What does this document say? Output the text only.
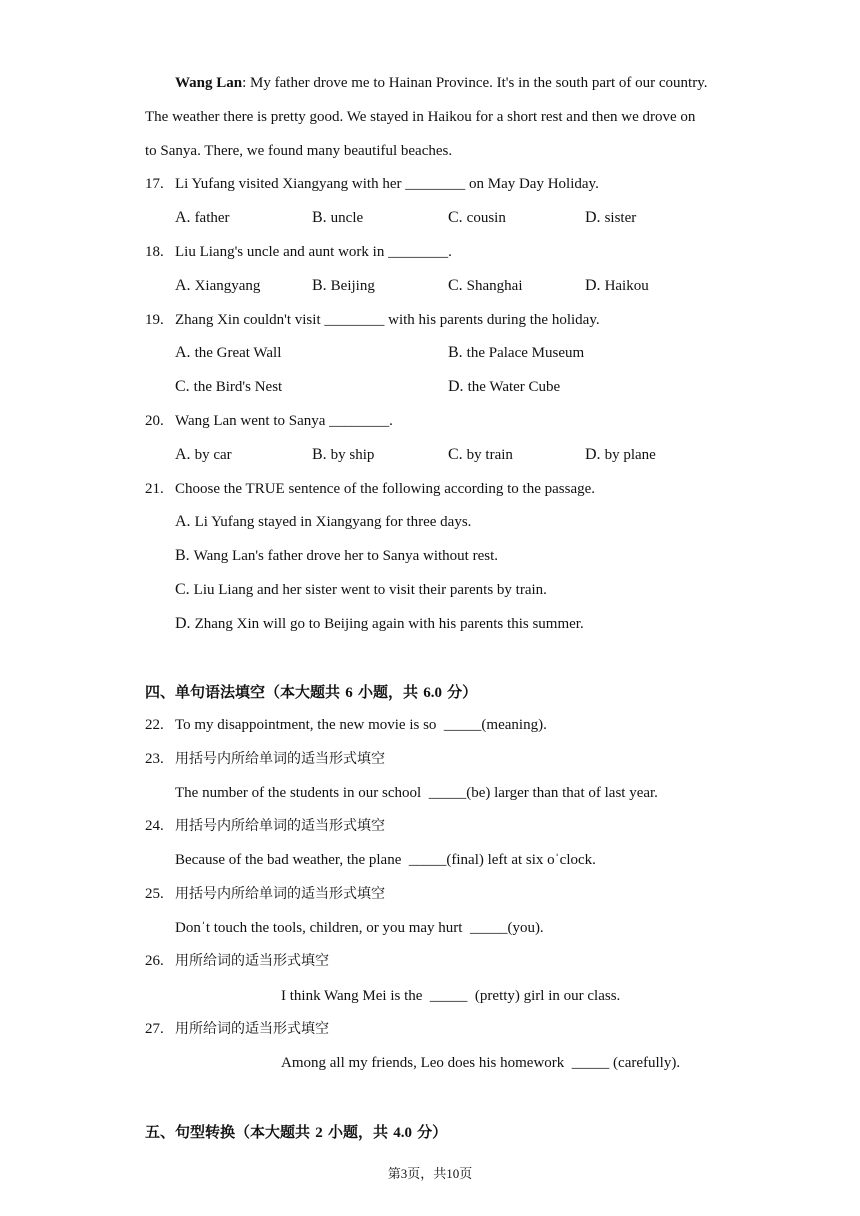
Wang Lan: My father drove me to Hainan Province. It's in the south part of our country.
The weather there is pretty good. We stayed in Haikou for a short rest and then we drove on
to Sanya. There, we found many beautiful beaches.
17. Li Yufang visited Xiangyang with her ________ on May Day Holiday.
A. father	B. uncle	C. cousin	D. sister
18. Liu Liang's uncle and aunt work in ________.
A. Xiangyang	B. Beijing	C. Shanghai	D. Haikou
19. Zhang Xin couldn't visit ________ with his parents during the holiday.
A. the Great Wall	B. the Palace Museum
C. the Bird's Nest	D. the Water Cube
20. Wang Lan went to Sanya ________.
A. by car	B. by ship	C. by train	D. by plane
21. Choose the TRUE sentence of the following according to the passage.
A. Li Yufang stayed in Xiangyang for three days.
B. Wang Lan's father drove her to Sanya without rest.
C. Liu Liang and her sister went to visit their parents by train.
D. Zhang Xin will go to Beijing again with his parents this summer.
四、单句语法填空（本大题共 6 小题，共 6.0 分）
22. To my disappointment, the new movie is so  _____(meaning).
23. 用括号内所给单词的适当形式填空
The number of the students in our school  _____(be) larger than that of last year.
24. 用括号内所给单词的适当形式填空
Because of the bad weather, the plane  _____(final) left at six oˈclock.
25. 用括号内所给单词的适当形式填空
Donˈt touch the tools, children, or you may hurt  _____(you).
26. 用所给词的适当形式填空
I think Wang Mei is the  _____  (pretty) girl in our class.
27. 用所给词的适当形式填空
Among all my friends, Leo does his homework  _____ (carefully).
五、句型转换（本大题共 2 小题，共 4.0 分）
第3页，共10页
